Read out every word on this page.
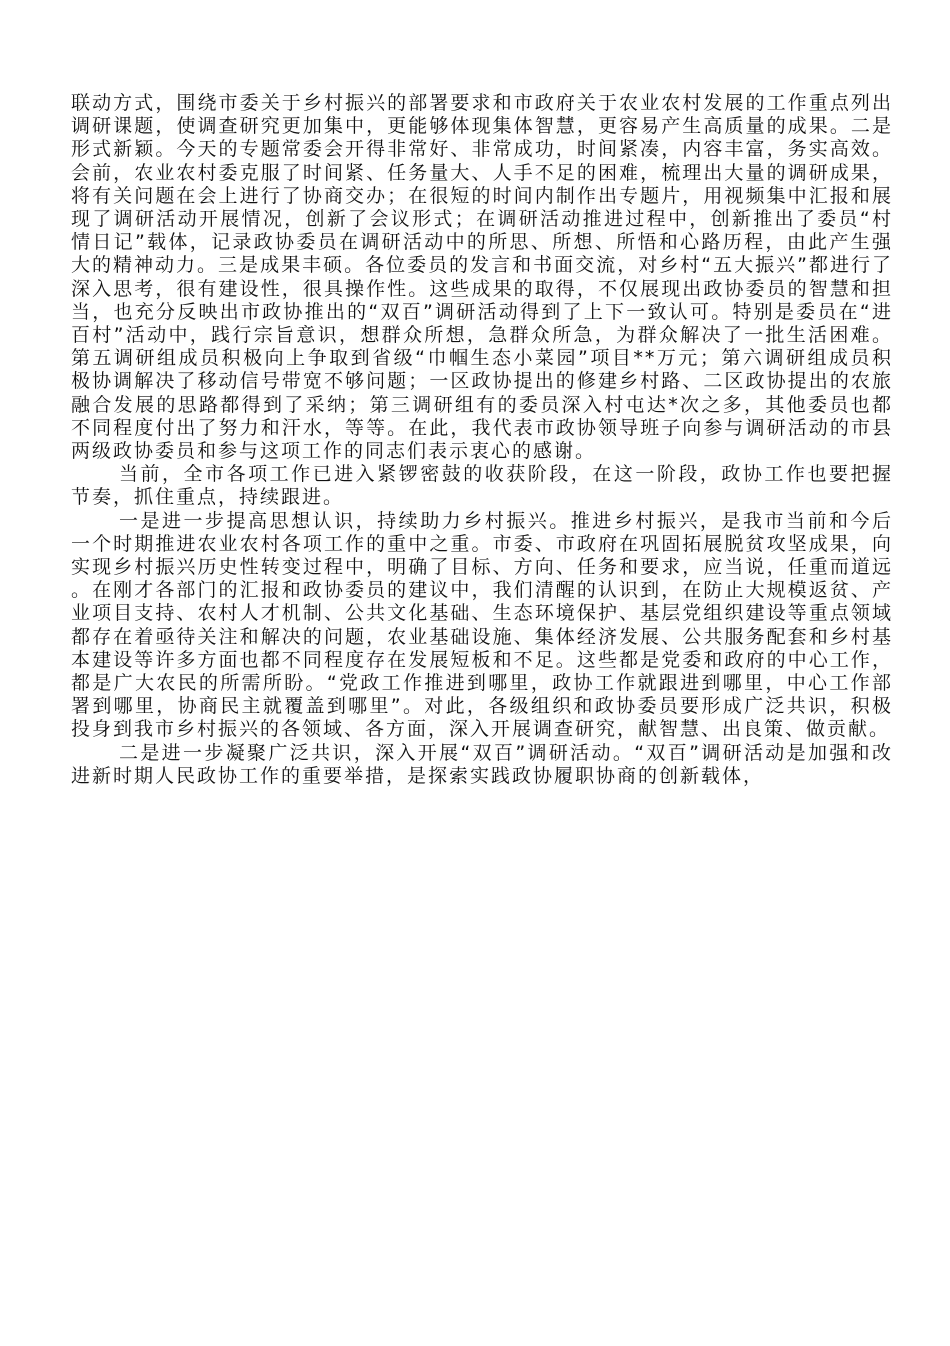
联动方式，围绕市委关于乡村振兴的部署要求和市政府关于农业农村发展的工作重点列出调研课题，使调查研究更加集中，更能够体现集体智慧，更容易产生高质量的成果。二是形式新颖。今天的专题常委会开得非常好、非常成功，时间紧凑，内容丰富，务实高效。会前，农业农村委克服了时间紧、任务量大、人手不足的困难，梳理出大量的调研成果，将有关问题在会上进行了协商交办；在很短的时间内制作出专题片，用视频集中汇报和展现了调研活动开展情况，创新了会议形式；在调研活动推进过程中，创新推出了委员“村情日记”载体，记录政协委员在调研活动中的所思、所想、所悟和心路历程，由此产生强大的精神动力。三是成果丰硕。各位委员的发言和书面交流，对乡村“五大振兴”都进行了深入思考，很有建设性，很具操作性。这些成果的取得，不仅展现出政协委员的智慧和担当，也充分反映出市政协推出的“双百”调研活动得到了上下一致认可。特别是委员在“进百村”活动中，践行宗旨意识，想群众所想，急群众所急，为群众解决了一批生活困难。第五调研组成员积极向上争取到省级“巾帼生态小菜园”项目**万元；第六调研组成员积极协调解决了移动信号带宽不够问题；一区政协提出的修建乡村路、二区政协提出的农旅融合发展的思路都得到了采纳；第三调研组有的委员深入村屯达*次之多，其他委员也都不同程度付出了努力和汗水，等等。在此，我代表市政协领导班子向参与调研活动的市县两级政协委员和参与这项工作的同志们表示衷心的感谢。

当前，全市各项工作已进入紧锣密鼓的收获阶段，在这一阶段，政协工作也要把握节奏，抓住重点，持续跟进。

一是进一步提高思想认识，持续助力乡村振兴。推进乡村振兴，是我市当前和今后一个时期推进农业农村各项工作的重中之重。市委、市政府在巩固拓展脱贫攻坚成果，向实现乡村振兴历史性转变过程中，明确了目标、方向、任务和要求，应当说，任重而道远。在刚才各部门的汇报和政协委员的建议中，我们清醒的认识到，在防止大规模返贫、产业项目支持、农村人才机制、公共文化基础、生态环境保护、基层党组织建设等重点领域都存在着亟待关注和解决的问题，农业基础设施、集体经济发展、公共服务配套和乡村基本建设等许多方面也都不同程度存在发展短板和不足。这些都是党委和政府的中心工作，都是广大农民的所需所盼。“党政工作推进到哪里，政协工作就跟进到哪里，中心工作部署到哪里，协商民主就覆盖到哪里”。对此，各级组织和政协委员要形成广泛共识，积极投身到我市乡村振兴的各领域、各方面，深入开展调查研究，献智慧、出良策、做贡献。

二是进一步凝聚广泛共识，深入开展“双百”调研活动。“双百”调研活动是加强和改进新时期人民政协工作的重要举措，是探索实践政协履职协商的创新载体，
